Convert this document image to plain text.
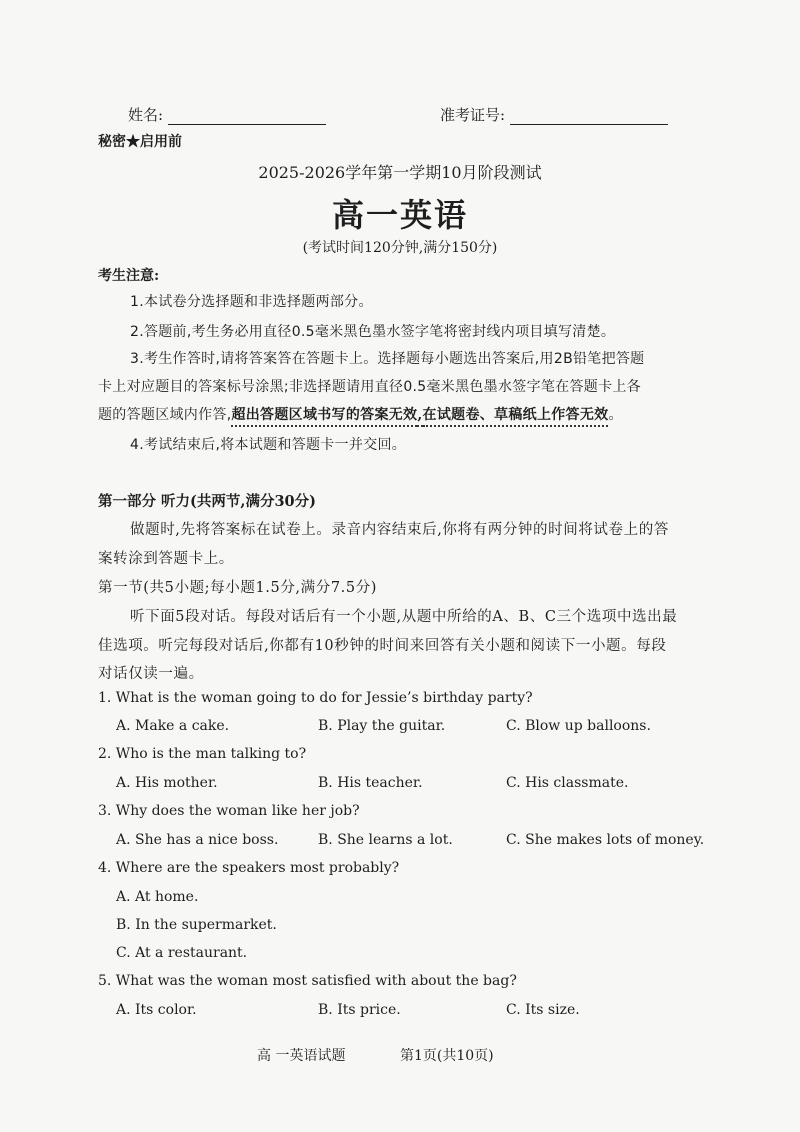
姓名:	准考证号:
秘密★启用前
2025-2026学年第一学期10月阶段测试
高一英语
(考试时间120分钟,满分150分)
考生注意:
1.本试卷分选择题和非选择题两部分。
2.答题前,考生务必用直径0.5毫米黑色墨水签字笔将密封线内项目填写清楚。
3.考生作答时,请将答案答在答题卡上。选择题每小题选出答案后,用2B铅笔把答题
卡上对应题目的答案标号涂黑;非选择题请用直径0.5毫米黑色墨水签字笔在答题卡上各
题的答题区域内作答,超出答题区域书写的答案无效,在试题卷、草稿纸上作答无效。
4.考试结束后,将本试题和答题卡一并交回。
第一部分 听力(共两节,满分30分)
做题时,先将答案标在试卷上。录音内容结束后,你将有两分钟的时间将试卷上的答
案转涂到答题卡上。
第一节(共5小题;每小题1.5分,满分7.5分)
听下面5段对话。每段对话后有一个小题,从题中所给的A、B、C三个选项中选出最
佳选项。听完每段对话后,你都有10秒钟的时间来回答有关小题和阅读下一小题。每段
对话仅读一遍。
1. What is the woman going to do for Jessie’s birthday party?
A. Make a cake.	B. Play the guitar.	C. Blow up balloons.
2. Who is the man talking to?
A. His mother.	B. His teacher.	C. His classmate.
3. Why does the woman like her job?
A. She has a nice boss.	B. She learns a lot.	C. She makes lots of money.
4. Where are the speakers most probably?
A. At home.
B. In the supermarket.
C. At a restaurant.
5. What was the woman most satisfied with about the bag?
A. Its color.	B. Its price.	C. Its size.
高 一英语试题	第1页(共10页)
